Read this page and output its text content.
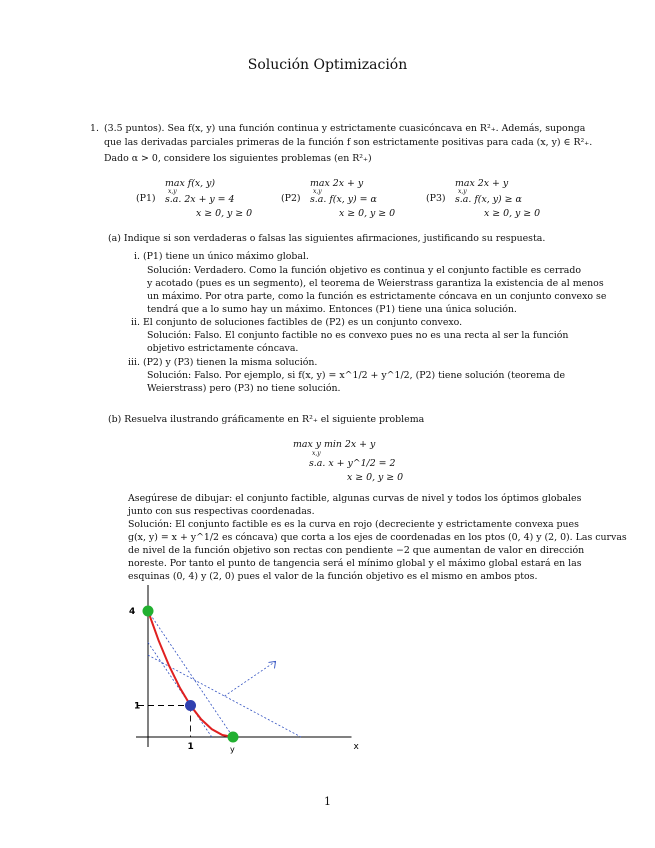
Solución Optimización
1. (3.5 puntos). Sea f(x, y) una función continua y estrictamente cuasicóncava en R²₊. Además, suponga
que las derivadas parciales primeras de la función f son estrictamente positivas para cada (x, y) ∈ R²₊.
Dado α > 0, considere los siguientes problemas (en R²₊)
(P1)
max f(x, y)
x,y
s.a. 2x + y = 4
x ≥ 0, y ≥ 0
(P2)
max 2x + y
x,y
s.a. f(x, y) = α
x ≥ 0, y ≥ 0
(P3)
max 2x + y
x,y
s.a. f(x, y) ≥ α
x ≥ 0, y ≥ 0
(a) Indique si son verdaderas o falsas las siguientes afirmaciones, justificando su respuesta.
i. (P1) tiene un único máximo global.
Solución: Verdadero. Como la función objetivo es continua y el conjunto factible es cerrado
y acotado (pues es un segmento), el teorema de Weierstrass garantiza la existencia de al menos
un máximo. Por otra parte, como la función es estrictamente cóncava en un conjunto convexo se
tendrá que a lo sumo hay un máximo. Entonces (P1) tiene una única solución.
ii. El conjunto de soluciones factibles de (P2) es un conjunto convexo.
Solución: Falso. El conjunto factible no es convexo pues no es una recta al ser la función
objetivo estrictamente cóncava.
iii. (P2) y (P3) tienen la misma solución.
Solución: Falso. Por ejemplo, si f(x, y) = x^1/2 + y^1/2, (P2) tiene solución (teorema de
Weierstrass) pero (P3) no tiene solución.
(b) Resuelva ilustrando gráficamente en R²₊ el siguiente problema
max y min 2x + y
x,y
s.a. x + y^1/2 = 2
x ≥ 0, y ≥ 0
Asegúrese de dibujar: el conjunto factible, algunas curvas de nivel y todos los óptimos globales
junto con sus respectivas coordenadas.
Solución: El conjunto factible es es la curva en rojo (decreciente y estrictamente convexa pues
g(x, y) = x + y^1/2 es cóncava) que corta a los ejes de coordenadas en los ptos (0, 4) y (2, 0). Las curvas
de nivel de la función objetivo son rectas con pendiente −2 que aumentan de valor en dirección
noreste. Por tanto el punto de tangencia será el mínimo global y el máximo global estará en las
esquinas (0, 4) y (2, 0) pues el valor de la función objetivo es el mismo en ambos ptos.
x
4
1
1	y
1
